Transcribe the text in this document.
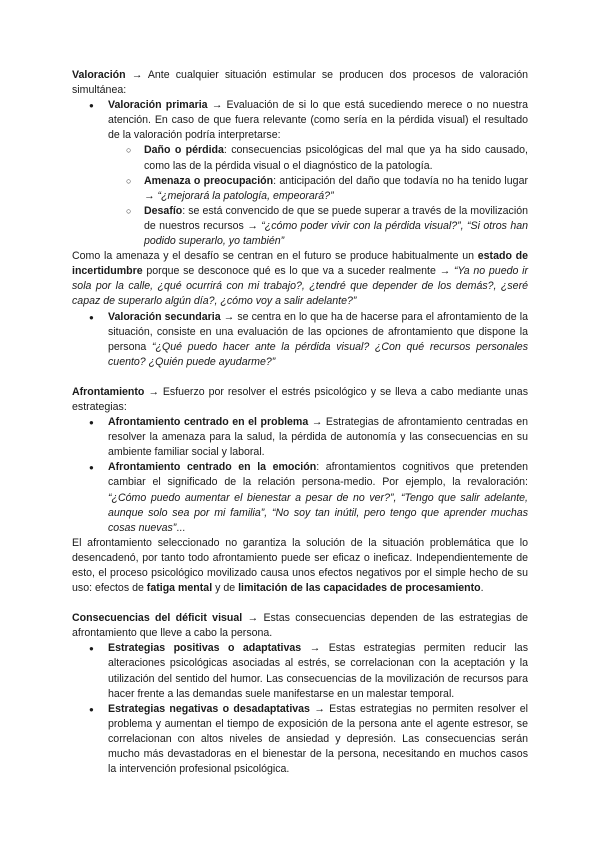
Valoración → Ante cualquier situación estimular se producen dos procesos de valoración simultánea:

● Valoración primaria → Evaluación de si lo que está sucediendo merece o no nuestra atención. En caso de que fuera relevante (como sería en la pérdida visual) el resultado de la valoración podría interpretarse:
○ Daño o pérdida: consecuencias psicológicas del mal que ya ha sido causado, como las de la pérdida visual o el diagnóstico de la patología.
○ Amenaza o preocupación: anticipación del daño que todavía no ha tenido lugar → “¿mejorará la patología, empeorará?”
○ Desafío: se está convencido de que se puede superar a través de la movilización de nuestros recursos → “¿cómo poder vivir con la pérdida visual?”, “Si otros han podido superarlo, yo también”

Como la amenaza y el desafío se centran en el futuro se produce habitualmente un estado de incertidumbre porque se desconoce qué es lo que va a suceder realmente → “Ya no puedo ir sola por la calle, ¿qué ocurrirá con mi trabajo?, ¿tendré que depender de los demás?, ¿seré capaz de superarlo algún día?, ¿cómo voy a salir adelante?”

● Valoración secundaria → se centra en lo que ha de hacerse para el afrontamiento de la situación, consiste en una evaluación de las opciones de afrontamiento que dispone la persona “¿Qué puedo hacer ante la pérdida visual? ¿Con qué recursos personales cuento? ¿Quién puede ayudarme?”

Afrontamiento → Esfuerzo por resolver el estrés psicológico y se lleva a cabo mediante unas estrategias:

● Afrontamiento centrado en el problema → Estrategias de afrontamiento centradas en resolver la amenaza para la salud, la pérdida de autonomía y las consecuencias en su ambiente familiar social y laboral.
● Afrontamiento centrado en la emoción: afrontamientos cognitivos que pretenden cambiar el significado de la relación persona-medio. Por ejemplo, la revaloración: “¿Cómo puedo aumentar el bienestar a pesar de no ver?”, “Tengo que salir adelante, aunque solo sea por mi familia”, “No soy tan inútil, pero tengo que aprender muchas cosas nuevas”...

El afrontamiento seleccionado no garantiza la solución de la situación problemática que lo desencadenó, por tanto todo afrontamiento puede ser eficaz o ineficaz. Independientemente de esto, el proceso psicológico movilizado causa unos efectos negativos por el simple hecho de su uso: efectos de fatiga mental y de limitación de las capacidades de procesamiento.

Consecuencias del déficit visual → Estas consecuencias dependen de las estrategias de afrontamiento que lleve a cabo la persona.

● Estrategias positivas o adaptativas → Estas estrategias permiten reducir las alteraciones psicológicas asociadas al estrés, se correlacionan con la aceptación y la utilización del sentido del humor. Las consecuencias de la movilización de recursos para hacer frente a las demandas suele manifestarse en un malestar temporal.
● Estrategias negativas o desadaptativas → Estas estrategias no permiten resolver el problema y aumentan el tiempo de exposición de la persona ante el agente estresor, se correlacionan con altos niveles de ansiedad y depresión. Las consecuencias serán mucho más devastadoras en el bienestar de la persona, necesitando en muchos casos la intervención profesional psicológica.
